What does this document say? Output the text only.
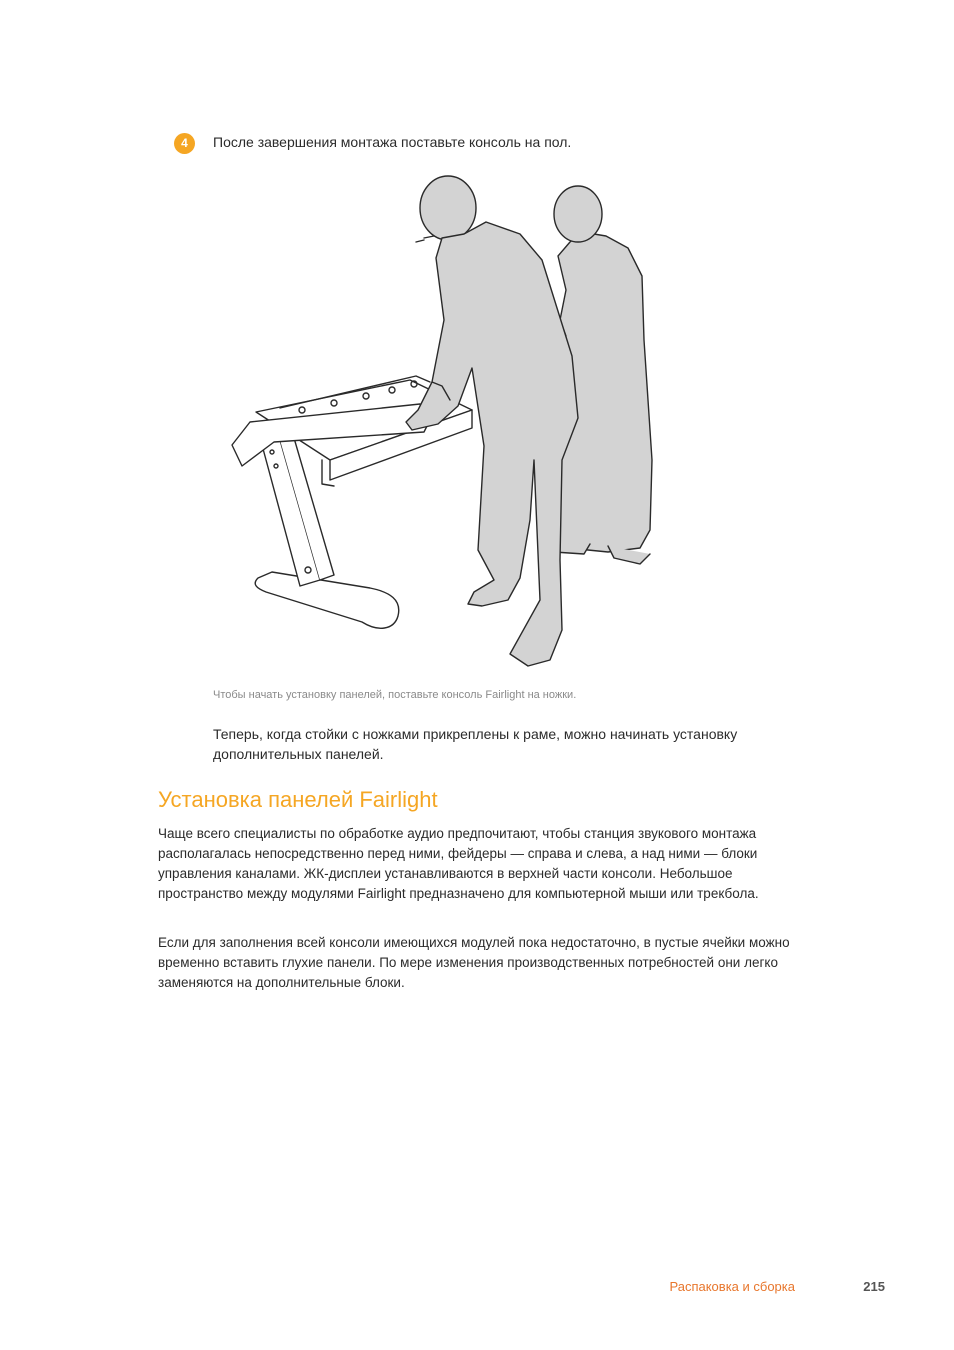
4	После завершения монтажа поставьте консоль на пол.
Чтобы начать установку панелей, поставьте консоль Fairlight на ножки.

Теперь, когда стойки с ножками прикреплены к раме, можно начинать установку дополнительных панелей.

Установка панелей Fairlight

Чаще всего специалисты по обработке аудио предпочитают, чтобы станция звукового монтажа располагалась непосредственно перед ними, фейдеры — справа и слева, а над ними — блоки управления каналами. ЖК-дисплеи устанавливаются в верхней части консоли. Небольшое пространство между модулями Fairlight предназначено для компьютерной мыши или трекбола.

Если для заполнения всей консоли имеющихся модулей пока недостаточно, в пустые ячейки можно временно вставить глухие панели. По мере изменения производственных потребностей они легко заменяются на дополнительные блоки.

Распаковка и сборка	215
